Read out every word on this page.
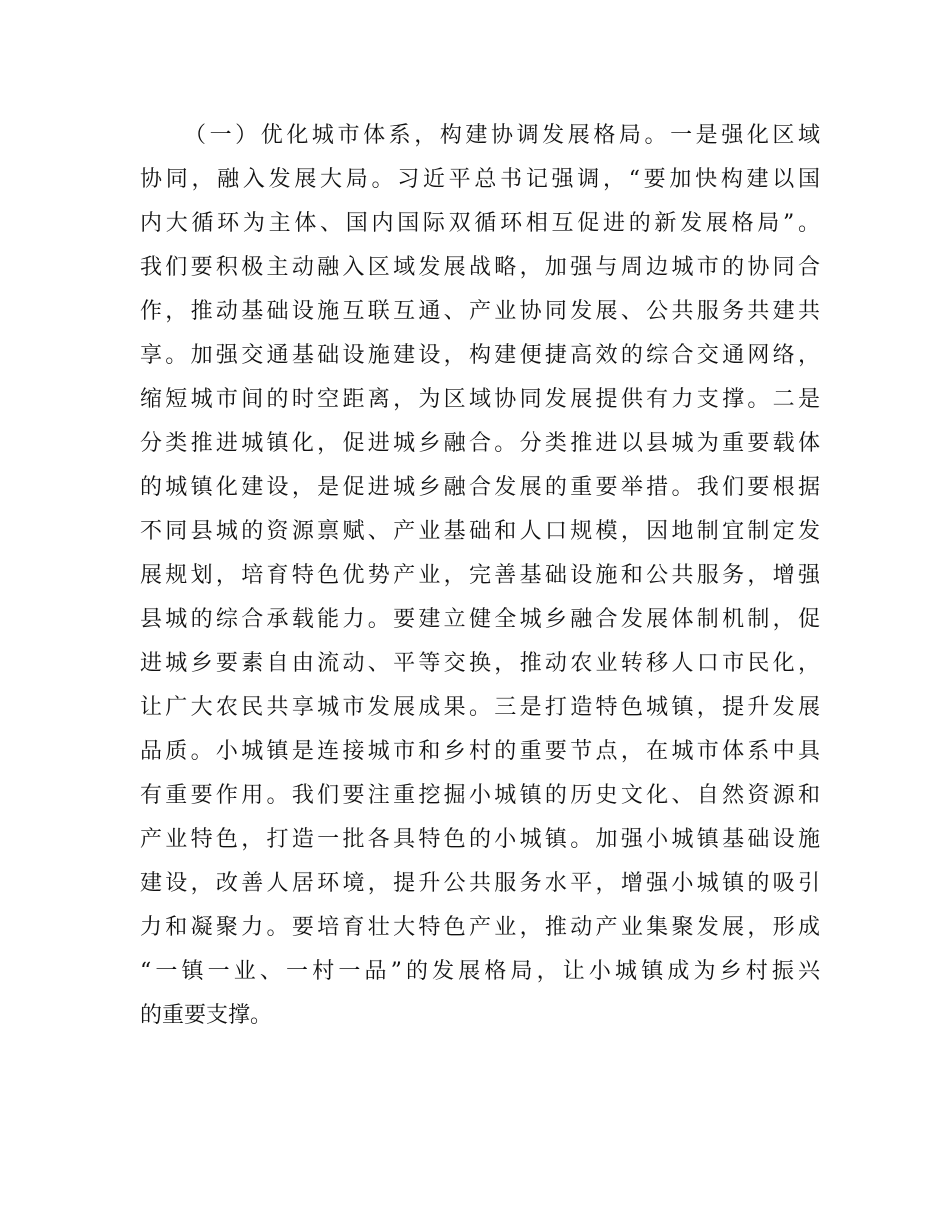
（一）优化城市体系，构建协调发展格局。一是强化区域
协同，融入发展大局。习近平总书记强调，“要加快构建以国
内大循环为主体、国内国际双循环相互促进的新发展格局”。
我们要积极主动融入区域发展战略，加强与周边城市的协同合
作，推动基础设施互联互通、产业协同发展、公共服务共建共
享。加强交通基础设施建设，构建便捷高效的综合交通网络，
缩短城市间的时空距离，为区域协同发展提供有力支撑。二是
分类推进城镇化，促进城乡融合。分类推进以县城为重要载体
的城镇化建设，是促进城乡融合发展的重要举措。我们要根据
不同县城的资源禀赋、产业基础和人口规模，因地制宜制定发
展规划，培育特色优势产业，完善基础设施和公共服务，增强
县城的综合承载能力。要建立健全城乡融合发展体制机制，促
进城乡要素自由流动、平等交换，推动农业转移人口市民化，
让广大农民共享城市发展成果。三是打造特色城镇，提升发展
品质。小城镇是连接城市和乡村的重要节点，在城市体系中具
有重要作用。我们要注重挖掘小城镇的历史文化、自然资源和
产业特色，打造一批各具特色的小城镇。加强小城镇基础设施
建设，改善人居环境，提升公共服务水平，增强小城镇的吸引
力和凝聚力。要培育壮大特色产业，推动产业集聚发展，形成
“一镇一业、一村一品”的发展格局，让小城镇成为乡村振兴
的重要支撑。
